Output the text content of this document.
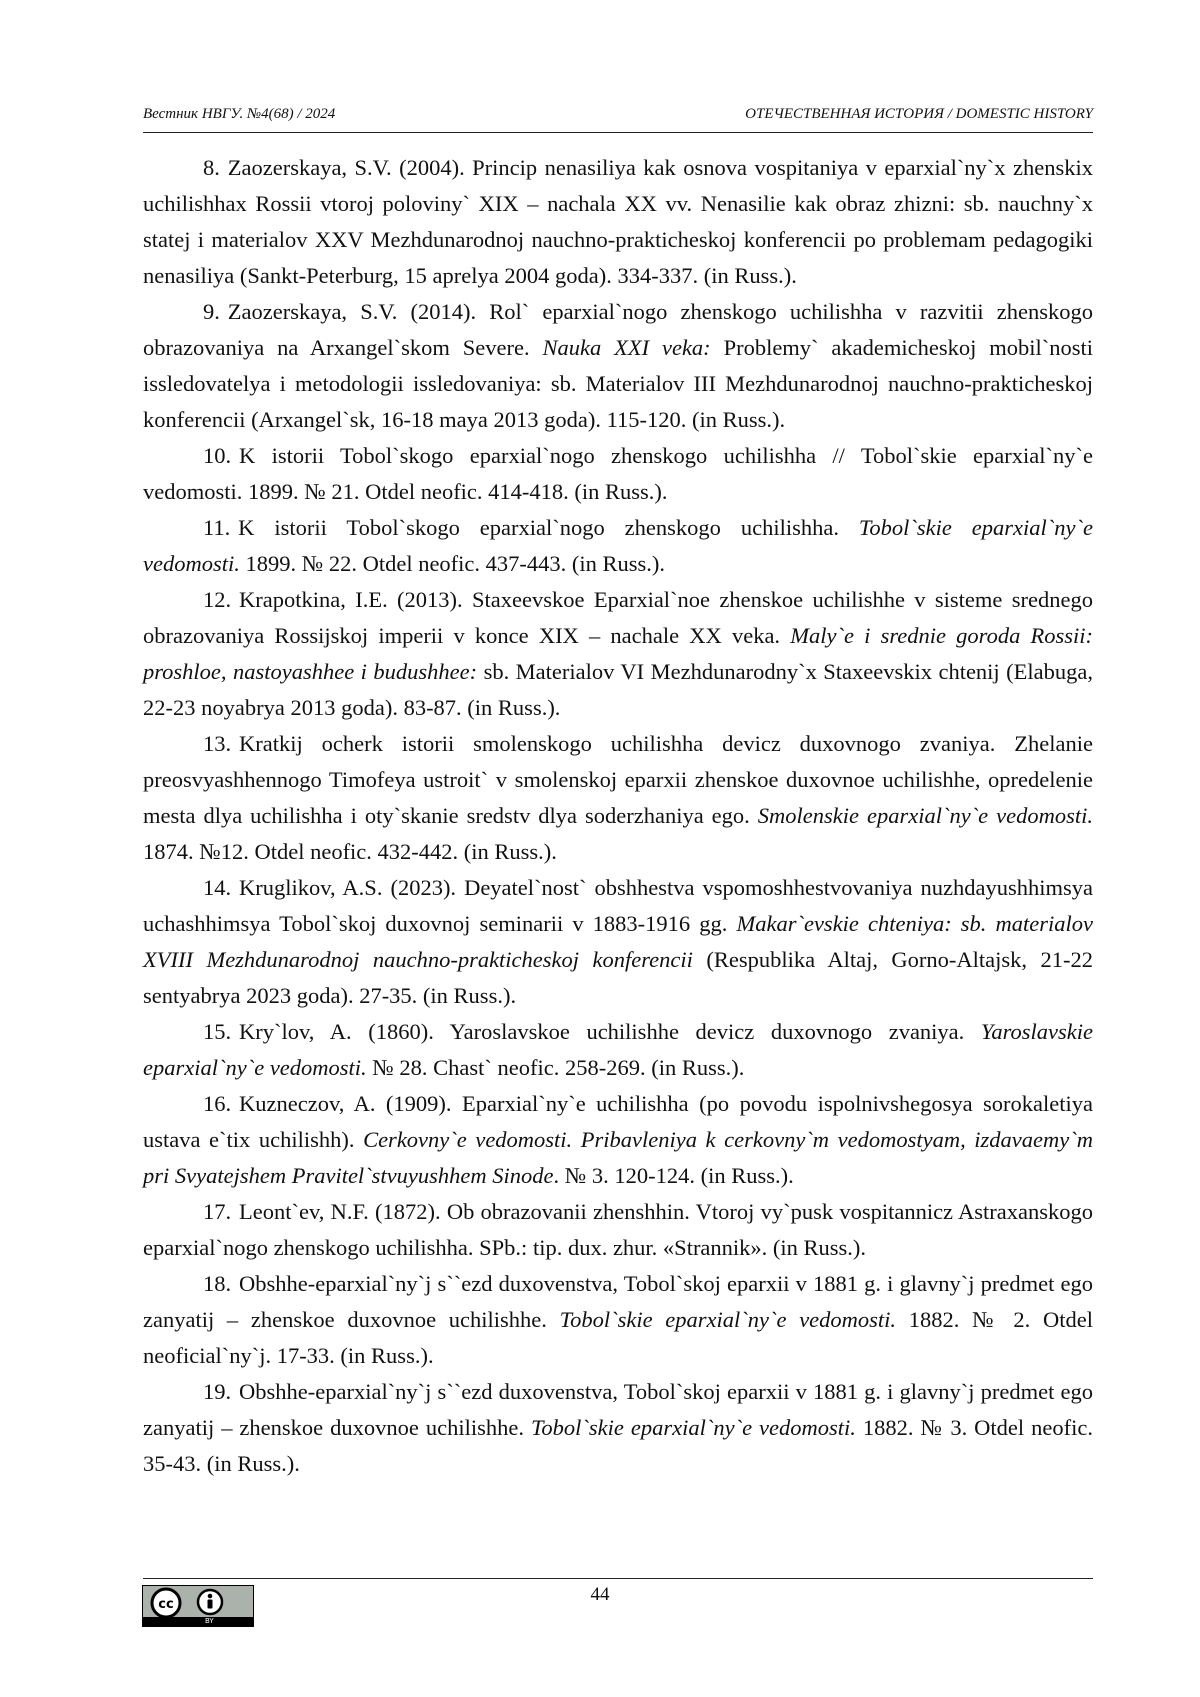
Вестник НВГУ. №4(68) / 2024	ОТЕЧЕСТВЕННАЯ ИСТОРИЯ / DOMESTIC HISTORY

8. Zaozerskaya, S.V. (2004). Princip nenasiliya kak osnova vospitaniya v eparxial`ny`x zhenskix uchilishhax Rossii vtoroj poloviny` XIX – nachala XX vv. Nenasilie kak obraz zhizni: sb. nauchny`x statej i materialov XXV Mezhdunarodnoj nauchno-prakticheskoj konferencii po problemam pedagogiki nenasiliya (Sankt-Peterburg, 15 aprelya 2004 goda). 334-337. (in Russ.).

9. Zaozerskaya, S.V. (2014). Rol` eparxial`nogo zhenskogo uchilishha v razvitii zhenskogo obrazovaniya na Arxangel`skom Severe. Nauka XXI veka: Problemy` akademicheskoj mobil`nosti issledovatelya i metodologii issledovaniya: sb. Materialov III Mezhdunarodnoj nauchno-prakticheskoj konferencii (Arxangel`sk, 16-18 maya 2013 goda). 115-120. (in Russ.).

10. K istorii Tobol`skogo eparxial`nogo zhenskogo uchilishha // Tobol`skie eparxial`ny`e vedomosti. 1899. № 21. Otdel neofic. 414-418. (in Russ.).

11. K istorii Tobol`skogo eparxial`nogo zhenskogo uchilishha. Tobol`skie eparxial`ny`e vedomosti. 1899. № 22. Otdel neofic. 437-443. (in Russ.).

12. Krapotkina, I.E. (2013). Staxeevskoe Eparxial`noe zhenskoe uchilishhe v sisteme srednego obrazovaniya Rossijskoj imperii v konce XIX – nachale XX veka. Maly`e i srednie goroda Rossii: proshloe, nastoyashhee i budushhee: sb. Materialov VI Mezhdunarodny`x Staxeevskix chtenij (Elabuga, 22-23 noyabrya 2013 goda). 83-87. (in Russ.).

13. Kratkij ocherk istorii smolenskogo uchilishha devicz duxovnogo zvaniya. Zhelanie preosvyashhennogo Timofeya ustroit` v smolenskoj eparxii zhenskoe duxovnoe uchilishhe, opredelenie mesta dlya uchilishha i oty`skanie sredstv dlya soderzhaniya ego. Smolenskie eparxial`ny`e vedomosti. 1874. №12. Otdel neofic. 432-442. (in Russ.).

14. Kruglikov, A.S. (2023). Deyatel`nost` obshhestva vspomoshhestvovaniya nuzhdayushhimsya uchashhimsya Tobol`skoj duxovnoj seminarii v 1883-1916 gg. Makar`evskie chteniya: sb. materialov XVIII Mezhdunarodnoj nauchno-prakticheskoj konferencii (Respublika Altaj, Gorno-Altajsk, 21-22 sentyabrya 2023 goda). 27-35. (in Russ.).

15. Kry`lov, A. (1860). Yaroslavskoe uchilishhe devicz duxovnogo zvaniya. Yaroslavskie eparxial`ny`e vedomosti. № 28. Chast` neofic. 258-269. (in Russ.).

16. Kuzneczov, A. (1909). Eparxial`ny`e uchilishha (po povodu ispolnivshegosya sorokaletiya ustava e`tix uchilishh). Cerkovny`e vedomosti. Pribavleniya k cerkovny`m vedomostyam, izdavaemy`m pri Svyatejshem Pravitel`stvuyushhem Sinode. № 3. 120-124. (in Russ.).

17. Leont`ev, N.F. (1872). Ob obrazovanii zhenshhin. Vtoroj vy`pusk vospitannicz Astraxanskogo eparxial`nogo zhenskogo uchilishha. SPb.: tip. dux. zhur. «Strannik». (in Russ.).

18. Obshhe-eparxial`ny`j s``ezd duxovenstva, Tobol`skoj eparxii v 1881 g. i glavny`j predmet ego zanyatij – zhenskoe duxovnoe uchilishhe. Tobol`skie eparxial`ny`e vedomosti. 1882. № 2. Otdel neoficial`ny`j. 17-33. (in Russ.).

19. Obshhe-eparxial`ny`j s``ezd duxovenstva, Tobol`skoj eparxii v 1881 g. i glavny`j predmet ego zanyatij – zhenskoe duxovnoe uchilishhe. Tobol`skie eparxial`ny`e vedomosti. 1882. № 3. Otdel neofic. 35-43. (in Russ.).

cc
BY
44
